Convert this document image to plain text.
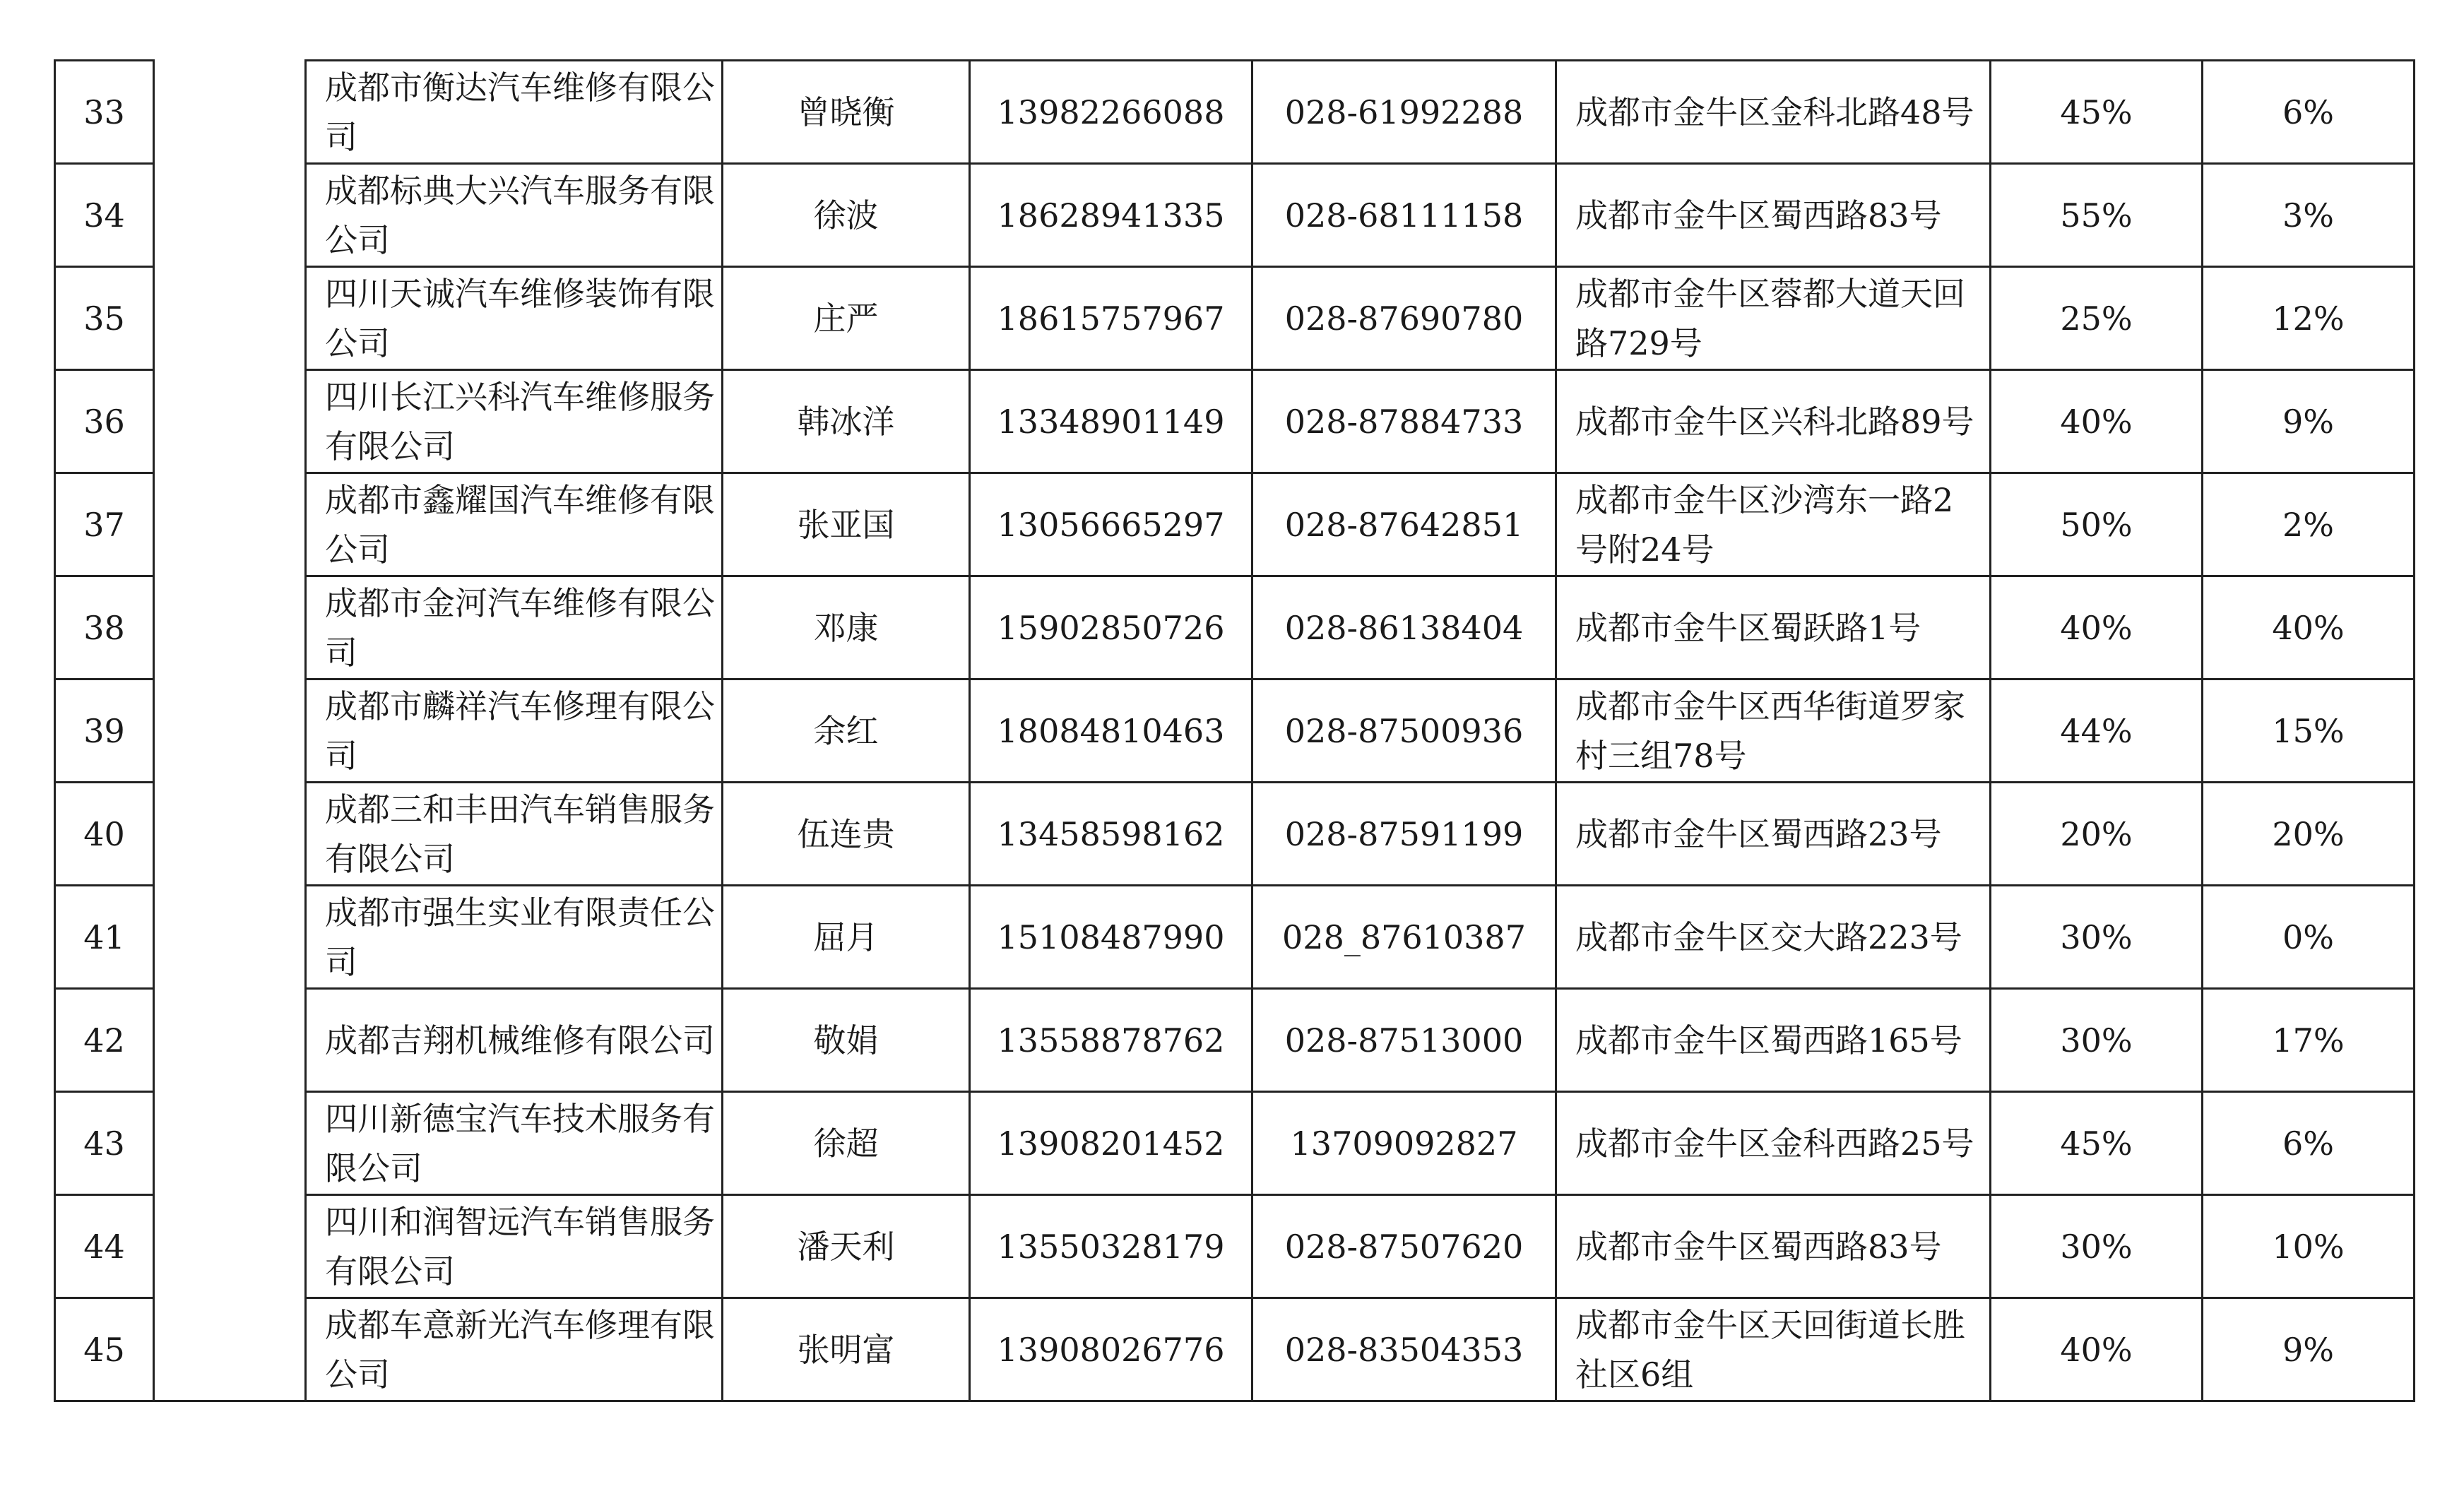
33		成都市衡达汽车维修有限公司	曾晓衡	13982266088	028-61992288	成都市金牛区金科北路48号	45%	6%
34		成都标典大兴汽车服务有限公司	徐波	18628941335	028-68111158	成都市金牛区蜀西路83号	55%	3%
35		四川天诚汽车维修装饰有限公司	庄严	18615757967	028-87690780	成都市金牛区蓉都大道天回路729号	25%	12%
36		四川长江兴科汽车维修服务有限公司	韩冰洋	13348901149	028-87884733	成都市金牛区兴科北路89号	40%	9%
37		成都市鑫耀国汽车维修有限公司	张亚国	13056665297	028-87642851	成都市金牛区沙湾东一路2号附24号	50%	2%
38		成都市金河汽车维修有限公司	邓康	15902850726	028-86138404	成都市金牛区蜀跃路1号	40%	40%
39		成都市麟祥汽车修理有限公司	余红	18084810463	028-87500936	成都市金牛区西华街道罗家村三组78号	44%	15%
40		成都三和丰田汽车销售服务有限公司	伍连贵	13458598162	028-87591199	成都市金牛区蜀西路23号	20%	20%
41		成都市强生实业有限责任公司	屈月	15108487990	028_87610387	成都市金牛区交大路223号	30%	0%
42		成都吉翔机械维修有限公司	敬娟	13558878762	028-87513000	成都市金牛区蜀西路165号	30%	17%
43		四川新德宝汽车技术服务有限公司	徐超	13908201452	13709092827	成都市金牛区金科西路25号	45%	6%
44		四川和润智远汽车销售服务有限公司	潘天利	13550328179	028-87507620	成都市金牛区蜀西路83号	30%	10%
45		成都车意新光汽车修理有限公司	张明富	13908026776	028-83504353	成都市金牛区天回街道长胜社区6组	40%	9%
